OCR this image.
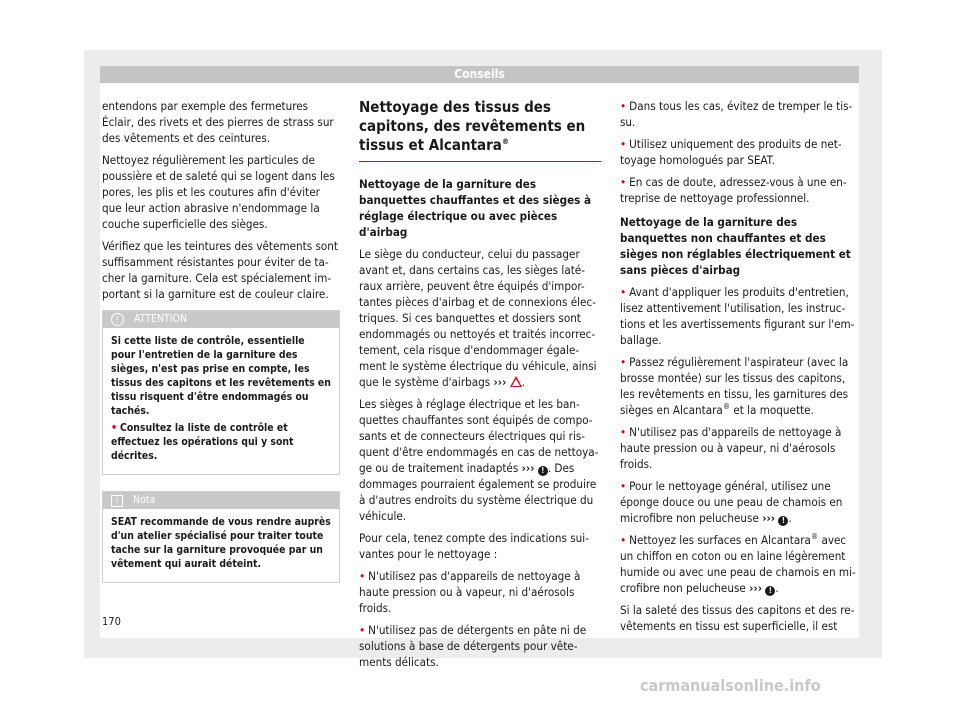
Conseils

entendons par exemple des fermetures Éclair, des rivets et des pierres de strass sur des vêtements et des ceintures.

Nettoyez régulièrement les particules de poussière et de saleté qui se logent dans les pores, les plis et les coutures afin d'éviter que leur action abrasive n'endommage la couche superficielle des sièges.

Vérifiez que les teintures des vêtements sont suffisamment résistantes pour éviter de ta-cher la garniture. Cela est spécialement im-portant si la garniture est de couleur claire.

!	ATTENTION

Si cette liste de contrôle, essentielle pour l'entretien de la garniture des sièges, n'est pas prise en compte, les tissus des capitons et les revêtements en tissu risquent d'être endommagés ou tachés.

• Consultez la liste de contrôle et effectuez les opérations qui y sont décrites.

i	Nota

SEAT recommande de vous rendre auprès d'un atelier spécialisé pour traiter toute tache sur la garniture provoquée par un vêtement qui aurait déteint.

Nettoyage des tissus des capitons, des revêtements en tissus et Alcantara®

Nettoyage de la garniture des banquettes chauffantes et des sièges à réglage électrique ou avec pièces d'airbag

Le siège du conducteur, celui du passager avant et, dans certains cas, les sièges laté-raux arrière, peuvent être équipés d'impor-tantes pièces d'airbag et de connexions élec-triques. Si ces banquettes et dossiers sont endommagés ou nettoyés et traités incorrec-tement, cela risque d'endommager égale-ment le système électrique du véhicule, ainsi que le système d'airbags ››› .

Les sièges à réglage électrique et les ban-quettes chauffantes sont équipés de compo-sants et de connecteurs électriques qui ris-quent d'être endommagés en cas de nettoya-ge ou de traitement inadaptés ››› ! . Des dommages pourraient également se produire à d'autres endroits du système électrique du véhicule.

Pour cela, tenez compte des indications sui-vantes pour le nettoyage :

• N'utilisez pas d'appareils de nettoyage à haute pression ou à vapeur, ni d'aérosols froids.

• N'utilisez pas de détergents en pâte ni de solutions à base de détergents pour vête-ments délicats.

• Dans tous les cas, évitez de tremper le tis-su.

• Utilisez uniquement des produits de net-toyage homologués par SEAT.

• En cas de doute, adressez-vous à une en-treprise de nettoyage professionnel.

Nettoyage de la garniture des banquettes non chauffantes et des sièges non réglables électriquement et sans pièces d'airbag

• Avant d'appliquer les produits d'entretien, lisez attentivement l'utilisation, les instruc-tions et les avertissements figurant sur l'em-ballage.

• Passez régulièrement l'aspirateur (avec la brosse montée) sur les tissus des capitons, les revêtements en tissu, les garnitures des sièges en Alcantara® et la moquette.

• N'utilisez pas d'appareils de nettoyage à haute pression ou à vapeur, ni d'aérosols froids.

• Pour le nettoyage général, utilisez une éponge douce ou une peau de chamois en microfibre non pelucheuse ››› ! .

• Nettoyez les surfaces en Alcantara® avec un chiffon en coton ou en laine légèrement humide ou avec une peau de chamois en mi-crofibre non pelucheuse ››› ! .

Si la saleté des tissus des capitons et des re-vêtements en tissu est superficielle, il est

170
carmanualsonline.info
